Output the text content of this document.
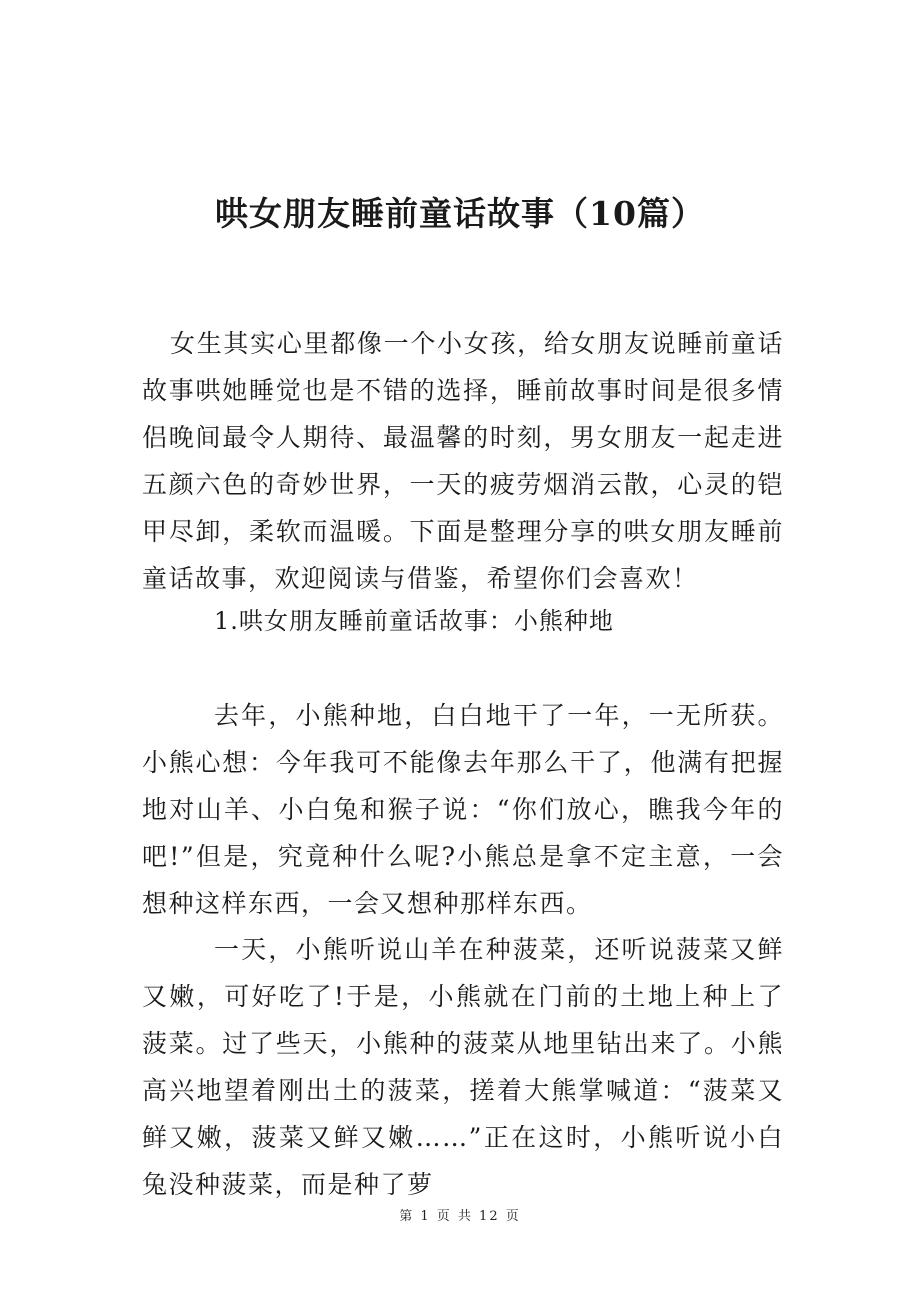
哄女朋友睡前童话故事（10篇）
女生其实心里都像一个小女孩，给女朋友说睡前童话故事哄她睡觉也是不错的选择，睡前故事时间是很多情侣晚间最令人期待、最温馨的时刻，男女朋友一起走进五颜六色的奇妙世界，一天的疲劳烟消云散，心灵的铠甲尽卸，柔软而温暖。下面是整理分享的哄女朋友睡前童话故事，欢迎阅读与借鉴，希望你们会喜欢！
1.哄女朋友睡前童话故事：小熊种地
去年，小熊种地，白白地干了一年，一无所获。小熊心想：今年我可不能像去年那么干了，他满有把握地对山羊、小白兔和猴子说：“你们放心，瞧我今年的吧!”但是，究竟种什么呢?小熊总是拿不定主意，一会想种这样东西，一会又想种那样东西。
一天，小熊听说山羊在种菠菜，还听说菠菜又鲜又嫩，可好吃了!于是，小熊就在门前的土地上种上了菠菜。过了些天，小熊种的菠菜从地里钻出来了。小熊高兴地望着刚出土的菠菜，搓着大熊掌喊道：“菠菜又鲜又嫩，菠菜又鲜又嫩……”正在这时，小熊听说小白兔没种菠菜，而是种了萝
第 1 页 共 12 页
